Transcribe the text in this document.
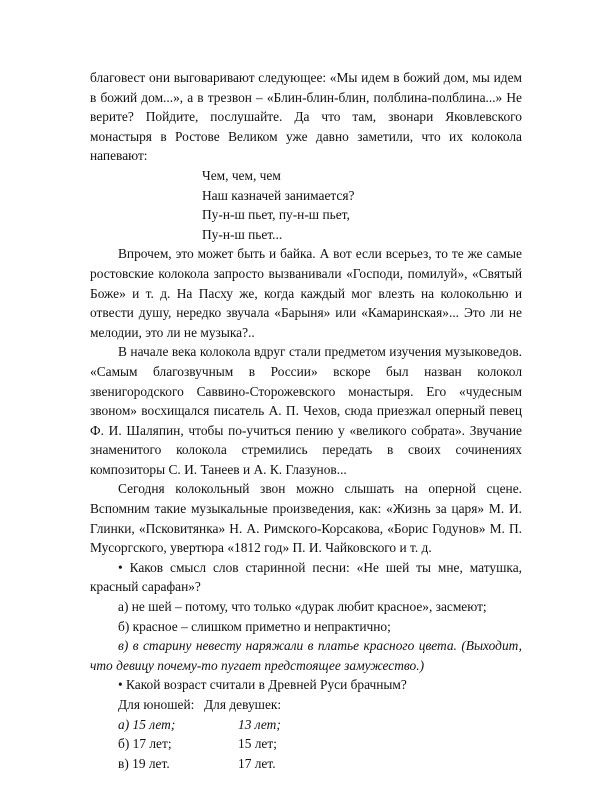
благовест они выговаривают следующее: «Мы идем в божий дом, мы идем в божий дом...», а в трезвон – «Блин-блин-блин, полблина-полблина...» Не верите? Пойдите, послушайте. Да что там, звонари Яковлевского монастыря в Ростове Великом уже давно заметили, что их колокола напевают:

Чем, чем, чем
Наш казначей занимается?
Пу-н-ш пьет, пу-н-ш пьет,
Пу-н-ш пьет...

Впрочем, это может быть и байка. А вот если всерьез, то те же самые ростовские колокола запросто вызванивали «Господи, помилуй», «Святый Боже» и т. д. На Пасху же, когда каждый мог влезть на колокольню и отвести душу, нередко звучала «Барыня» или «Камаринская»... Это ли не мелодии, это ли не музыка?..

В начале века колокола вдруг стали предметом изучения музыковедов. «Самым благозвучным в России» вскоре был назван колокол звенигородского Саввино-Сторожевского монастыря. Его «чудесным звоном» восхищался писатель А. П. Чехов, сюда приезжал оперный певец Ф. И. Шаляпин, чтобы по-учиться пению у «великого собрата». Звучание знаменитого колокола стремились передать в своих сочинениях композиторы С. И. Танеев и А. К. Глазунов...

Сегодня колокольный звон можно слышать на оперной сцене. Вспомним такие музыкальные произведения, как: «Жизнь за царя» М. И. Глинки, «Псковитянка» Н. А. Римского-Корсакова, «Борис Годунов» М. П. Мусоргского, увертюра «1812 год» П. И. Чайковского и т. д.

• Каков смысл слов старинной песни: «Не шей ты мне, матушка, красный сарафан»?

а) не шей – потому, что только «дурак любит красное», засмеют;

б) красное – слишком приметно и непрактично;

в) в старину невесту наряжали в платье красного цвета. (Выходит, что девицу почему-то пугает предстоящее замужество.)

• Какой возраст считали в Древней Руси брачным?

Для юношей: Для девушек:
а) 15 лет;	13 лет;
б) 17 лет;	15 лет;
в) 19 лет.	17 лет.
